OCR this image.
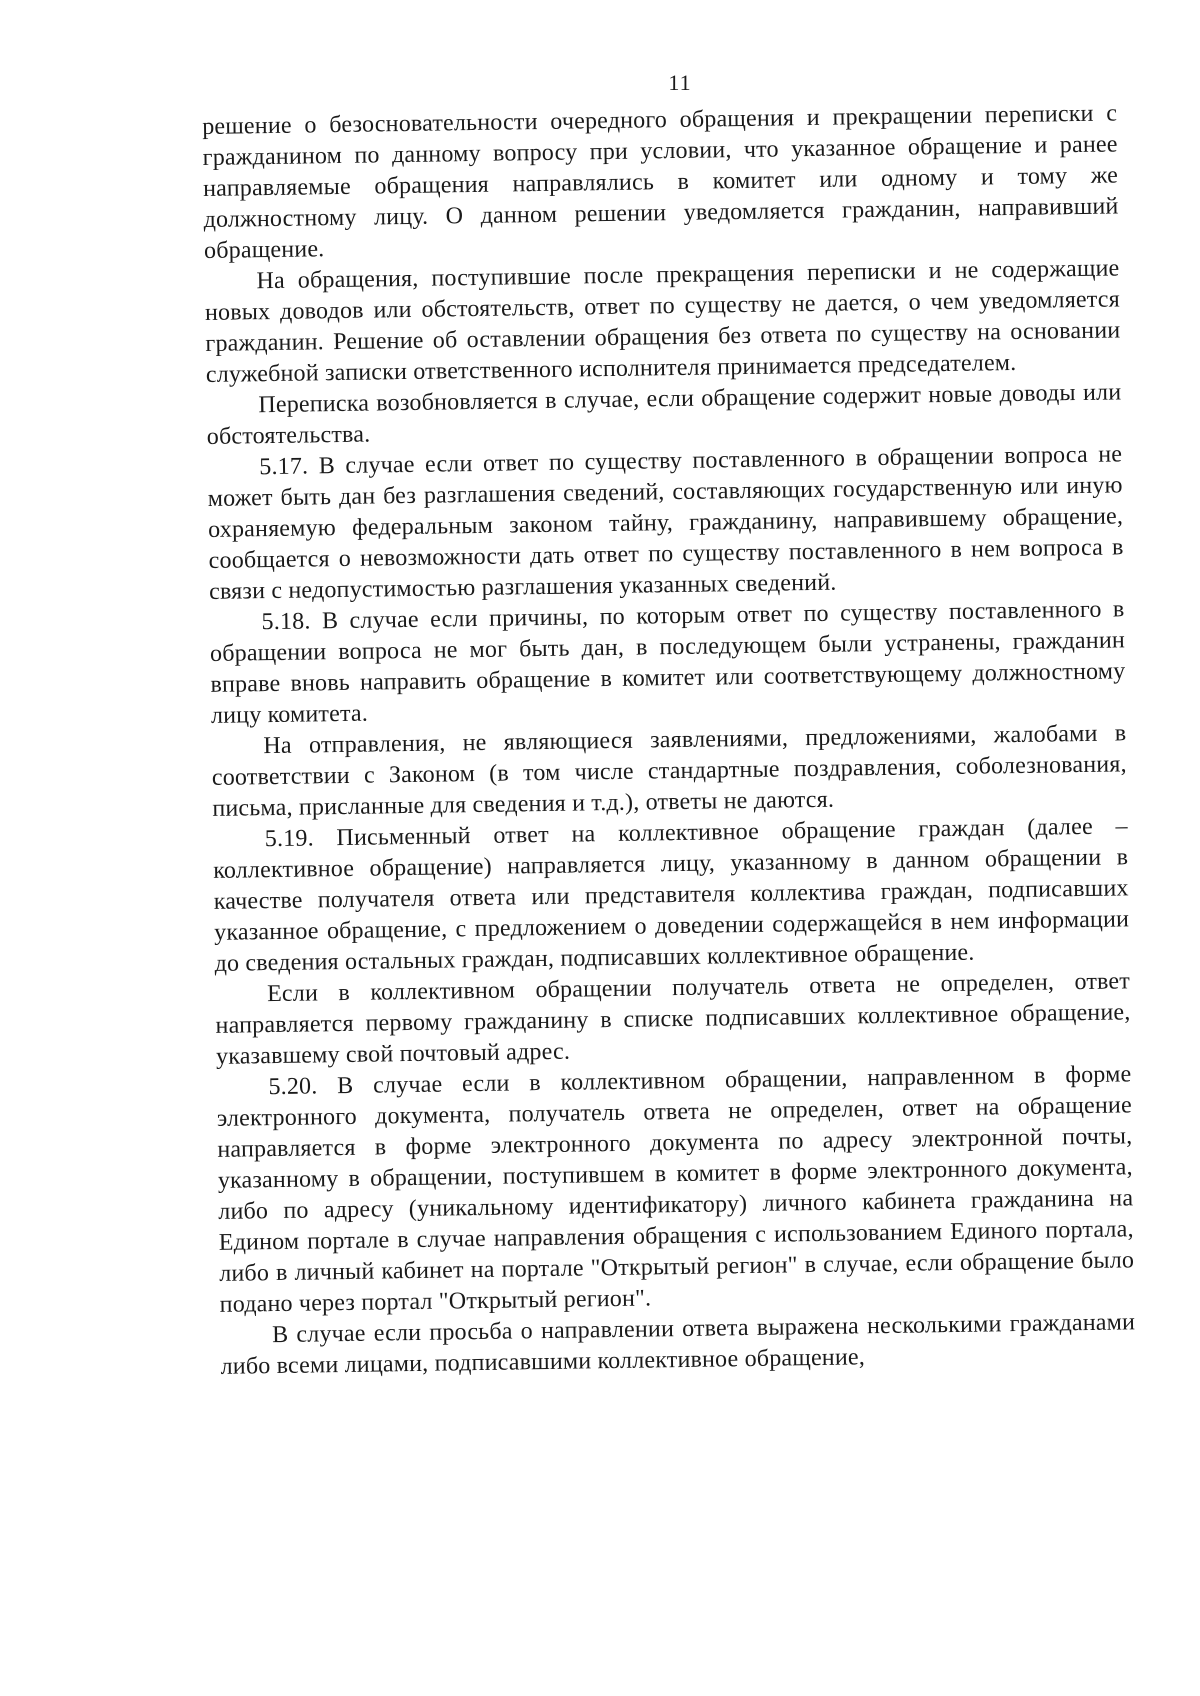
11

решение о безосновательности очередного обращения и прекращении переписки с гражданином по данному вопросу при условии, что указанное обращение и ранее направляемые обращения направлялись в комитет или одному и тому же должностному лицу. О данном решении уведомляется гражданин, направивший обращение.

На обращения, поступившие после прекращения переписки и не содержащие новых доводов или обстоятельств, ответ по существу не дается, о чем уведомляется гражданин. Решение об оставлении обращения без ответа по существу на основании служебной записки ответственного исполнителя принимается председателем.

Переписка возобновляется в случае, если обращение содержит новые доводы или обстоятельства.

5.17. В случае если ответ по существу поставленного в обращении вопроса не может быть дан без разглашения сведений, составляющих государственную или иную охраняемую федеральным законом тайну, гражданину, направившему обращение, сообщается о невозможности дать ответ по существу поставленного в нем вопроса в связи с недопустимостью разглашения указанных сведений.

5.18. В случае если причины, по которым ответ по существу поставленного в обращении вопроса не мог быть дан, в последующем были устранены, гражданин вправе вновь направить обращение в комитет или соответствующему должностному лицу комитета.

На отправления, не являющиеся заявлениями, предложениями, жалобами в соответствии с Законом (в том числе стандартные поздравления, соболезнования, письма, присланные для сведения и т.д.), ответы не даются.

5.19. Письменный ответ на коллективное обращение граждан (далее – коллективное обращение) направляется лицу, указанному в данном обращении в качестве получателя ответа или представителя коллектива граждан, подписавших указанное обращение, с предложением о доведении содержащейся в нем информации до сведения остальных граждан, подписавших коллективное обращение.

Если в коллективном обращении получатель ответа не определен, ответ направляется первому гражданину в списке подписавших коллективное обращение, указавшему свой почтовый адрес.

5.20. В случае если в коллективном обращении, направленном в форме электронного документа, получатель ответа не определен, ответ на обращение направляется в форме электронного документа по адресу электронной почты, указанному в обращении, поступившем в комитет в форме электронного документа, либо по адресу (уникальному идентификатору) личного кабинета гражданина на Едином портале в случае направления обращения с использованием Единого портала, либо в личный кабинет на портале "Открытый регион" в случае, если обращение было подано через портал "Открытый регион".

В случае если просьба о направлении ответа выражена несколькими гражданами либо всеми лицами, подписавшими коллективное обращение,
